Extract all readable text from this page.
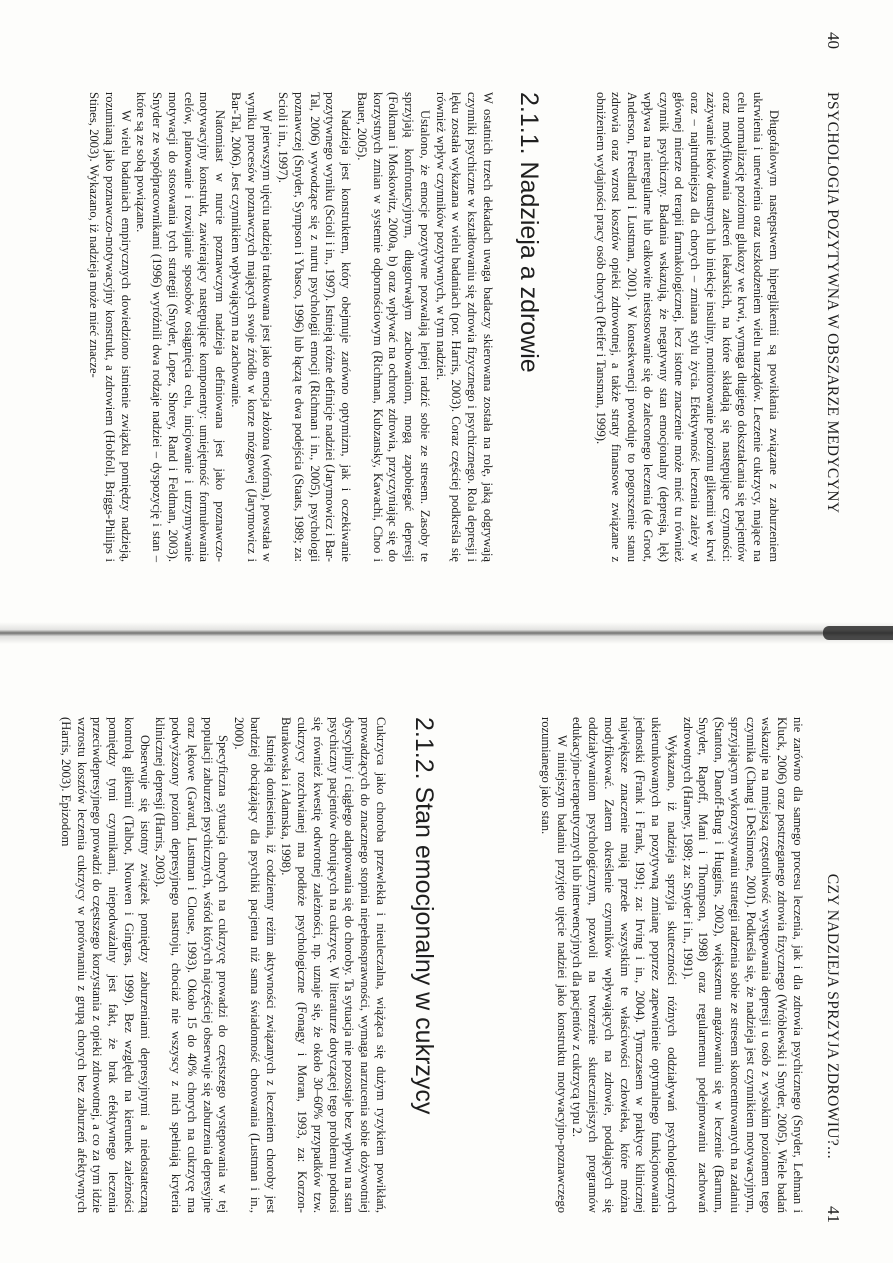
40
PSYCHOLOGIA POZYTYWNA W OBSZARZE MEDYCYNY

Długofalowym następstwem hiperglikemii są powikłania związane z zaburzeniem ukrwienia i unerwienia oraz uszkodzeniem wielu narządów. Leczenie cukrzycy, mające na celu normalizację poziomu glukozy we krwi, wymaga długiego dokształcania się pacjentów oraz modyfikowania zaleceń lekarskich, na które składają się następujące czynności: zażywanie leków doustnych lub iniekcje insuliny, monitorowanie poziomu glikemii we krwi oraz – najtrudniejsza dla chorych – zmiana stylu życia. Efektywność leczenia zależy w głównej mierze od terapii farmakologicznej, lecz istotne znaczenie może mieć tu również czynnik psychiczny. Badania wskazują, że negatywny stan emocjonalny (depresja, lęk) wpływa na nieregularne lub całkowite niestosowanie się do zaleconego leczenia (de Groot, Anderson, Freedland i Lustman, 2001). W konsekwencji powoduje to pogorszenie stanu zdrowia oraz wzrost kosztów opieki zdrowotnej, a także straty finansowe związane z obniżeniem wydajności pracy osób chorych (Peifer i Tansman, 1999).

2.1.1. Nadzieja a zdrowie

W ostatnich trzech dekadach uwaga badaczy skierowana została na rolę, jaką odgrywają czynniki psychiczne w kształtowaniu się zdrowia fizycznego i psychicznego. Rola depresji i lęku została wykazana w wielu badaniach (por. Harris, 2003). Coraz częściej podkreśla się również wpływ czynników pozytywnych, w tym nadziei.

Ustalono, że emocje pozytywne pozwalają lepiej radzić sobie ze stresem. Zasoby te sprzyjają konfrontacyjnym, długotrwałym zachowaniom, mogą zapobiegać depresji (Folkman i Moskowitz, 2000a, b) oraz wpływać na ochronę zdrowia, przyczyniając się do korzystnych zmian w systemie odpornościowym (Richman, Kubzansky, Kawachi, Choo i Bauer, 2005).

Nadzieja jest konstruktem, który obejmuje zarówno optymizm, jak i oczekiwanie pozytywnego wyniku (Scioli i in., 1997). Istnieją różne definicje nadziei (Jarymowicz i Bar-Tal, 2006) wywodzące się z nurtu psychologii emocji (Richman i in., 2005), psychologii poznawczej (Snyder, Sympson i Ybasco, 1996) lub łączą te dwa podejścia (Staats, 1989; za: Scioli i in., 1997).

W pierwszym ujęciu nadzieja traktowana jest jako emocja złożona (wtórna), powstała w wyniku procesów poznawczych mających swoje źródło w korze mózgowej (Jarymowicz i Bar-Tal, 2006). Jest czynnikiem wpływającym na zachowanie.

Natomiast w nurcie poznawczym nadzieja definiowana jest jako poznawczo-motywacyjny konstrukt, zawierający następujące komponenty: umiejętność formułowania celów, planowanie i rozwijanie sposobów osiągnięcia celu, inicjowanie i utrzymywanie motywacji do stosowania tych strategii (Snyder, Lopez, Shorey, Rand i Feldman, 2003). Snyder ze współpracownikami (1996) wyróżnili dwa rodzaje nadziei – dyspozycję i stan – które są ze sobą powiązane.

W wielu badaniach empirycznych dowiedziono istnienie związku pomiędzy nadzieją, rozumianą jako poznawczo-motywacyjny konstrukt, a zdrowiem (Hobfoll, Briggs-Philips i Stines, 2003). Wykazano, iż nadzieja może mieć znacze-

CZY NADZIEJA SPRZYJA ZDROWIU?...
41

nie zarówno dla samego procesu leczenia, jak i dla zdrowia psychicznego (Snyder, Lehman i Kluck, 2006) oraz postrzeganego zdrowia fizycznego (Wróblewski i Snyder, 2005). Wiele badań wskazuje na mniejszą częstotliwość występowania depresji u osób z wysokim poziomem tego czynnika (Chang i DeSimone, 2001). Podkreśla się, że nadzieja jest czynnikiem motywacyjnym, sprzyjającym wykorzystywaniu strategii radzenia sobie ze stresem skoncentrowanych na zadaniu (Stanton, Danoff-Burg i Huggins, 2002), większemu angażowaniu się w leczenie (Barnum, Snyder, Rapoff, Mani i Thompson, 1998) oraz regularnemu podejmowaniu zachowań zdrowotnych (Harney, 1989; za: Snyder i in., 1991).

Wykazano, iż nadzieja sprzyja skuteczności różnych oddziaływań psychologicznych ukierunkowanych na pozytywną zmianę poprzez zapewnienie optymalnego funkcjonowania jednostki (Frank i Frank, 1991; za: Irving i in., 2004). Tymczasem w praktyce klinicznej największe znaczenie mają przede wszystkim te właściwości człowieka, które można modyfikować. Zatem określenie czynników wpływających na zdrowie, poddających się oddziaływaniom psychologicznym, pozwoli na tworzenie skuteczniejszych programów edukacyjno-terapeutycznych lub interwencyjnych dla pacjentów z cukrzycą typu 2.

W niniejszym badaniu przyjęto ujęcie nadziei jako konstruktu motywacyjno-poznawczego rozumianego jako stan.

2.1.2. Stan emocjonalny w cukrzycy

Cukrzyca jako choroba przewlekła i nieuleczalna, wiążąca się dużym ryzykiem powikłań, prowadzących do znacznego stopnia niepełnosprawności, wymaga narzucenia sobie dożywotniej dyscypliny i ciągłego adaptowania się do choroby. Ta sytuacja nie pozostaje bez wpływu na stan psychiczny pacjentów chorujących na cukrzycę. W literaturze dotyczącej tego problemu podnosi się również kwestię odwrotnej zależności, np. uznaje się, że około 30–60% przypadków tzw. cukrzycy rozchwianej ma podłoże psychologiczne (Fonagy i Moran, 1993, za: Korzon-Burakowska i Adamska, 1998).

Istnieją doniesienia, iż codzienny reżim aktywności związanych z leczeniem choroby jest bardziej obciążający dla psychiki pacjenta niż sama świadomość chorowania (Lustman i in., 2000).

Specyficzna sytuacja chorych na cukrzycę prowadzi do częstszego występowania w tej populacji zaburzeń psychicznych, wśród których najczęściej obserwuje się zaburzenia depresyjne oraz lękowe (Gavard, Lustman i Clouse, 1993). Około 15 do 40% chorych na cukrzycę ma podwyższony poziom depresyjnego nastroju, chociaż nie wszyscy z nich spełniają kryteria klinicznej depresji (Harris, 2003).

Obserwuje się istotny związek pomiędzy zaburzeniami depresyjnymi a niedostateczną kontrolą glikemii (Talbot, Nouwen i Gingras, 1999). Bez względu na kierunek zależności pomiędzy tymi czynnikami, niepodważalny jest fakt, że brak efektywnego leczenia przeciwdepresyjnego prowadzi do częstszego korzystania z opieki zdrowotnej, a co za tym idzie wzrostu kosztów leczenia cukrzycy w porównaniu z grupą chorych bez zaburzeń afektywnych (Harris, 2003). Epizodom
